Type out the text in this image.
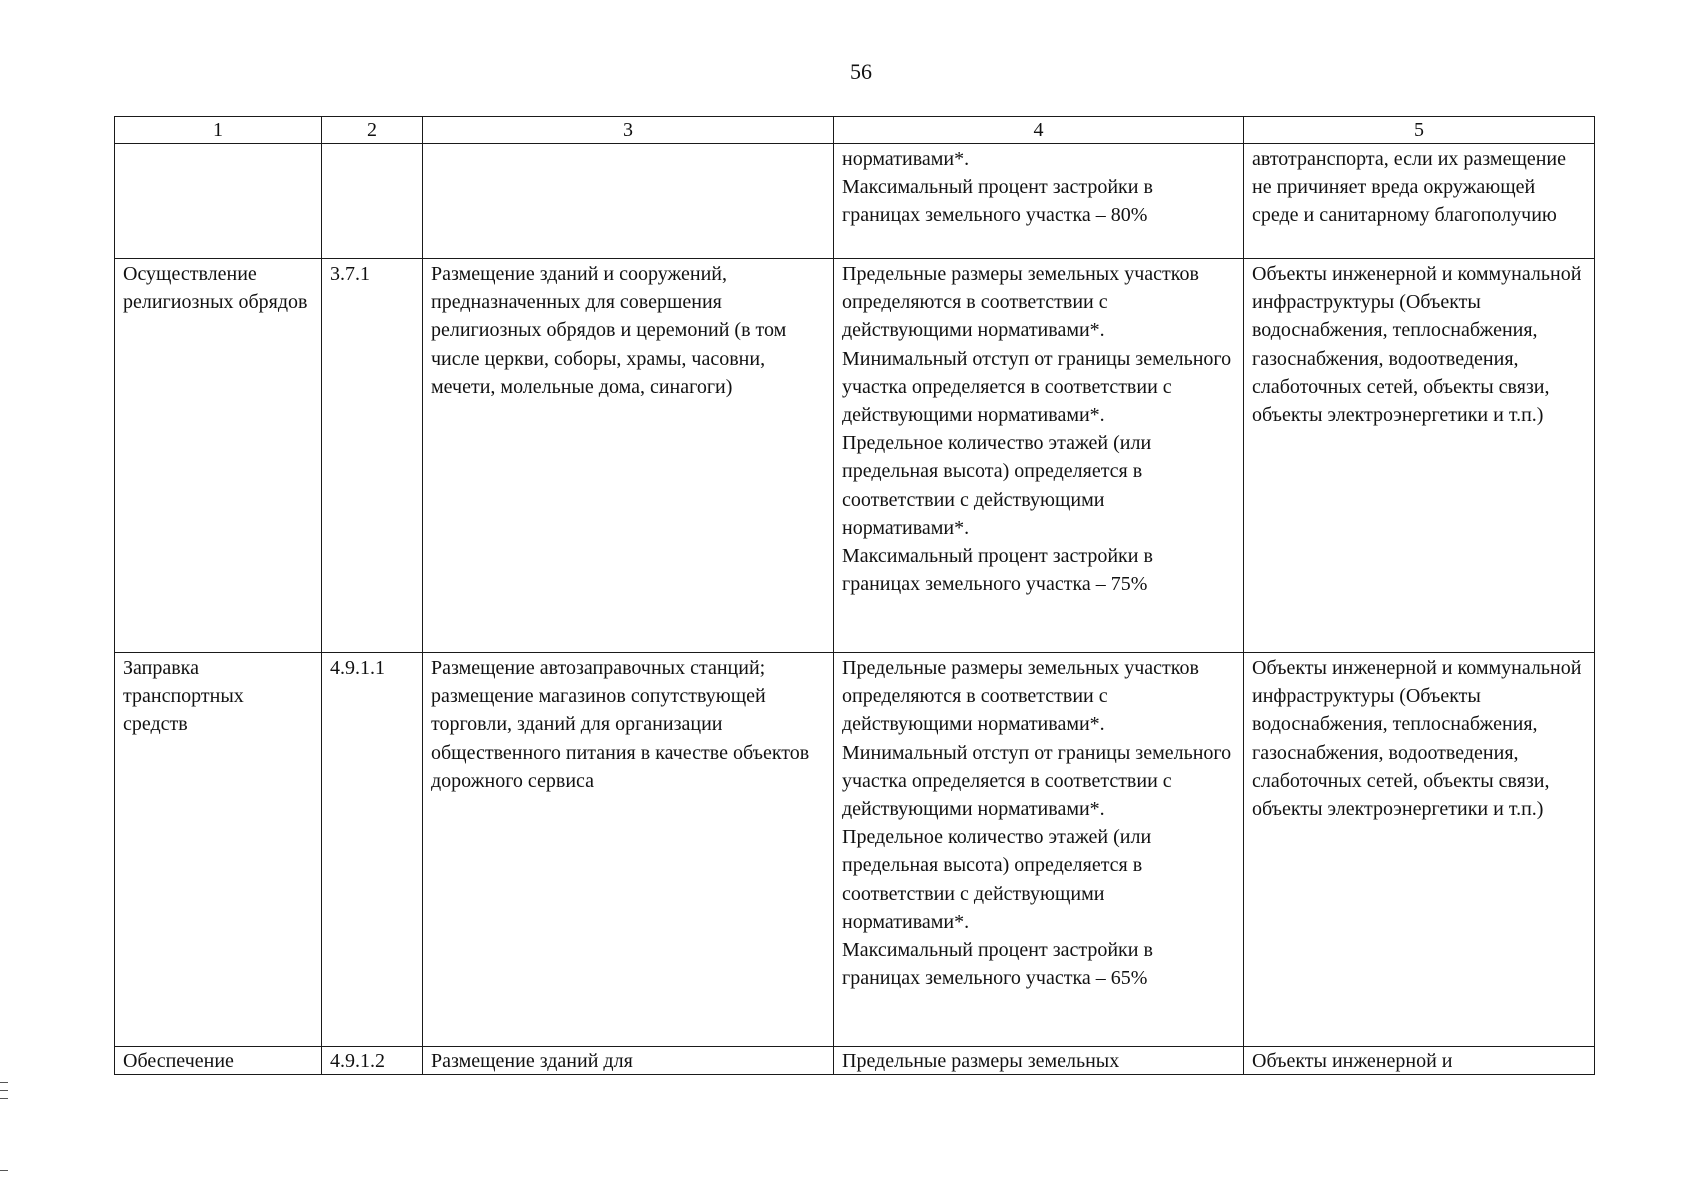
56
1	2	3	4	5

			нормативами*.
Максимальный процент застройки в границах земельного участка – 80%	автотранспорта, если их размещение не причиняет вреда окружающей среде и санитарному благополучию

Осуществление религиозных обрядов	3.7.1	Размещение зданий и сооружений, предназначенных для совершения религиозных обрядов и церемоний (в том числе церкви, соборы, храмы, часовни, мечети, молельные дома, синагоги)	Предельные размеры земельных участков определяются в соответствии с действующими нормативами*.
Минимальный отступ от границы земельного участка определяется в соответствии с действующими нормативами*.
Предельное количество этажей (или предельная высота) определяется в соответствии с действующими нормативами*.
Максимальный процент застройки в границах земельного участка – 75%	Объекты инженерной и коммунальной инфраструктуры (Объекты водоснабжения, теплоснабжения, газоснабжения, водоотведения, слаботочных сетей, объекты связи, объекты электроэнергетики и т.п.)

Заправка транспортных средств	4.9.1.1	Размещение автозаправочных станций; размещение магазинов сопутствующей торговли, зданий для организации общественного питания в качестве объектов дорожного сервиса	Предельные размеры земельных участков определяются в соответствии с действующими нормативами*.
Минимальный отступ от границы земельного участка определяется в соответствии с действующими нормативами*.
Предельное количество этажей (или предельная высота) определяется в соответствии с действующими нормативами*.
Максимальный процент застройки в границах земельного участка – 65%	Объекты инженерной и коммунальной инфраструктуры (Объекты водоснабжения, теплоснабжения, газоснабжения, водоотведения, слаботочных сетей, объекты связи, объекты электроэнергетики и т.п.)

Обеспечение	4.9.1.2	Размещение зданий для	Предельные размеры земельных	Объекты инженерной и
